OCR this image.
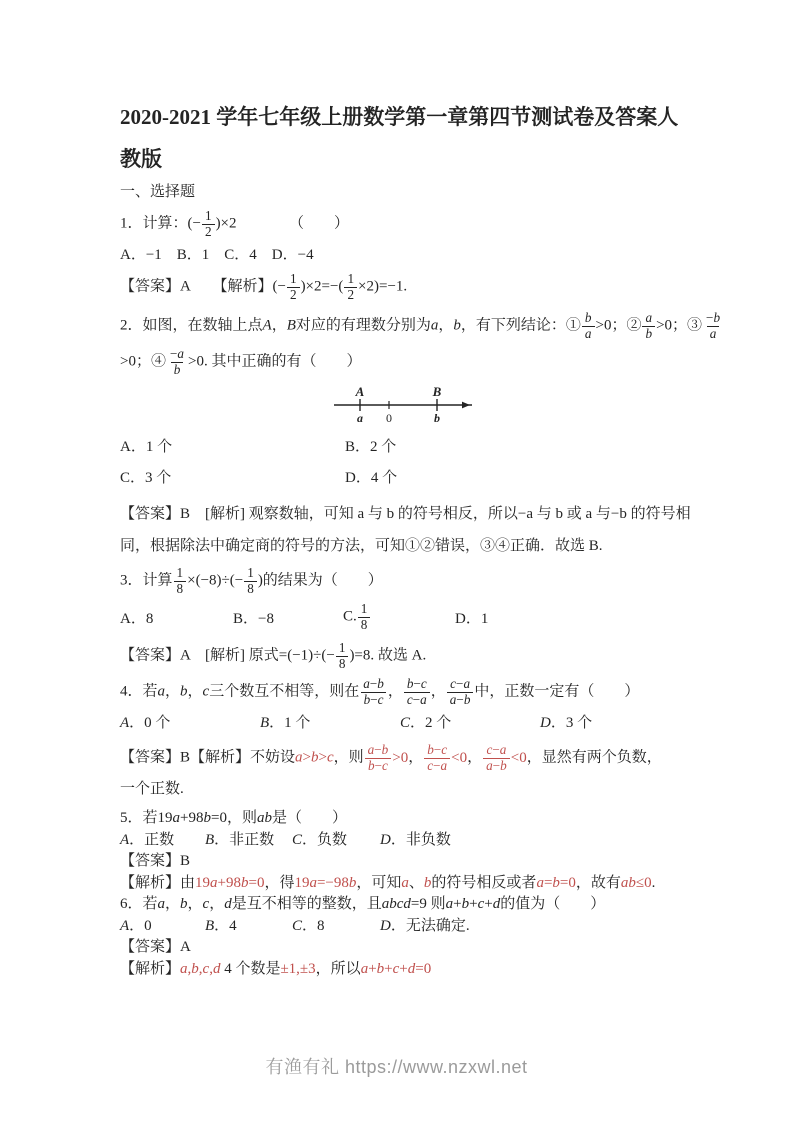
2020-2021 学年七年级上册数学第一章第四节测试卷及答案人教版
一、选择题
1．计算：(− $\frac{1}{2} )\times 2$　　　　（　　）
A．−1　B．1　C．4　D．−4
【答案】A　　【解析】(− $\frac{1}{2} )\times 2=-( \frac{1}{2} \times 2)=-1$.
2．如图，在数轴上点A，B对应的有理数分别为a，b，有下列结论：① $\frac{b}{a} >0$；② $\frac{a}{b} >0$；③ $\frac{-b}{a}$
>0；④ $\frac{-a}{b} >0$. 其中正确的有（　　）
A
a 0
B
b
A．1 个	B．2 个
C．3 个	D．4 个
【答案】B　[解析] 观察数轴，可知 a 与 b 的符号相反，所以−a 与 b 或 a 与−b 的符号相
同，根据除法中确定商的符号的方法，可知①②错误，③④正确．故选 B.
3．计算 $\frac{1}{8} \times(-8)\div(- \frac{1}{8}$ )的结果为（　　）
A．8	B．−8	C. $\frac{1}{8}$	D．1
【答案】A　[解析] 原式$=(-1)\div(- \frac{1}{8} )=8$. 故选 A.
4．若a，b，c三个数互不相等，则在 $\frac{a-b}{b-c}$ ， $\frac{b-c}{c-a}$ ， $\frac{c-a}{a-b}$ 中，正数一定有（　　）
A．0 个	B．1 个	C．2 个	D．3 个
【答案】B【解析】不妨设a>b>c，则 $\frac{a-b}{b-c} >0$， $\frac{b-c}{c-a} <0$， $\frac{c-a}{a-b} <0$，显然有两个负数，
一个正数.
5．若19a+98b=0，则ab是（　　）
A．正数	B．非正数	C．负数	D．非负数
【答案】B
【解析】由19a+98b=0，得19a=−98b，可知a、b的符号相反或者a=b=0，故有ab≤0.
6．若a，b，c，d是互不相等的整数，且abcd=9 则a+b+c+d的值为（　　）
A．0	B．4	C．8	D．无法确定.
【答案】A
【解析】a,b,c,d 4 个数是±1,±3，所以a+b+c+d=0
有渔有礼 https://www.nzxwl.net
